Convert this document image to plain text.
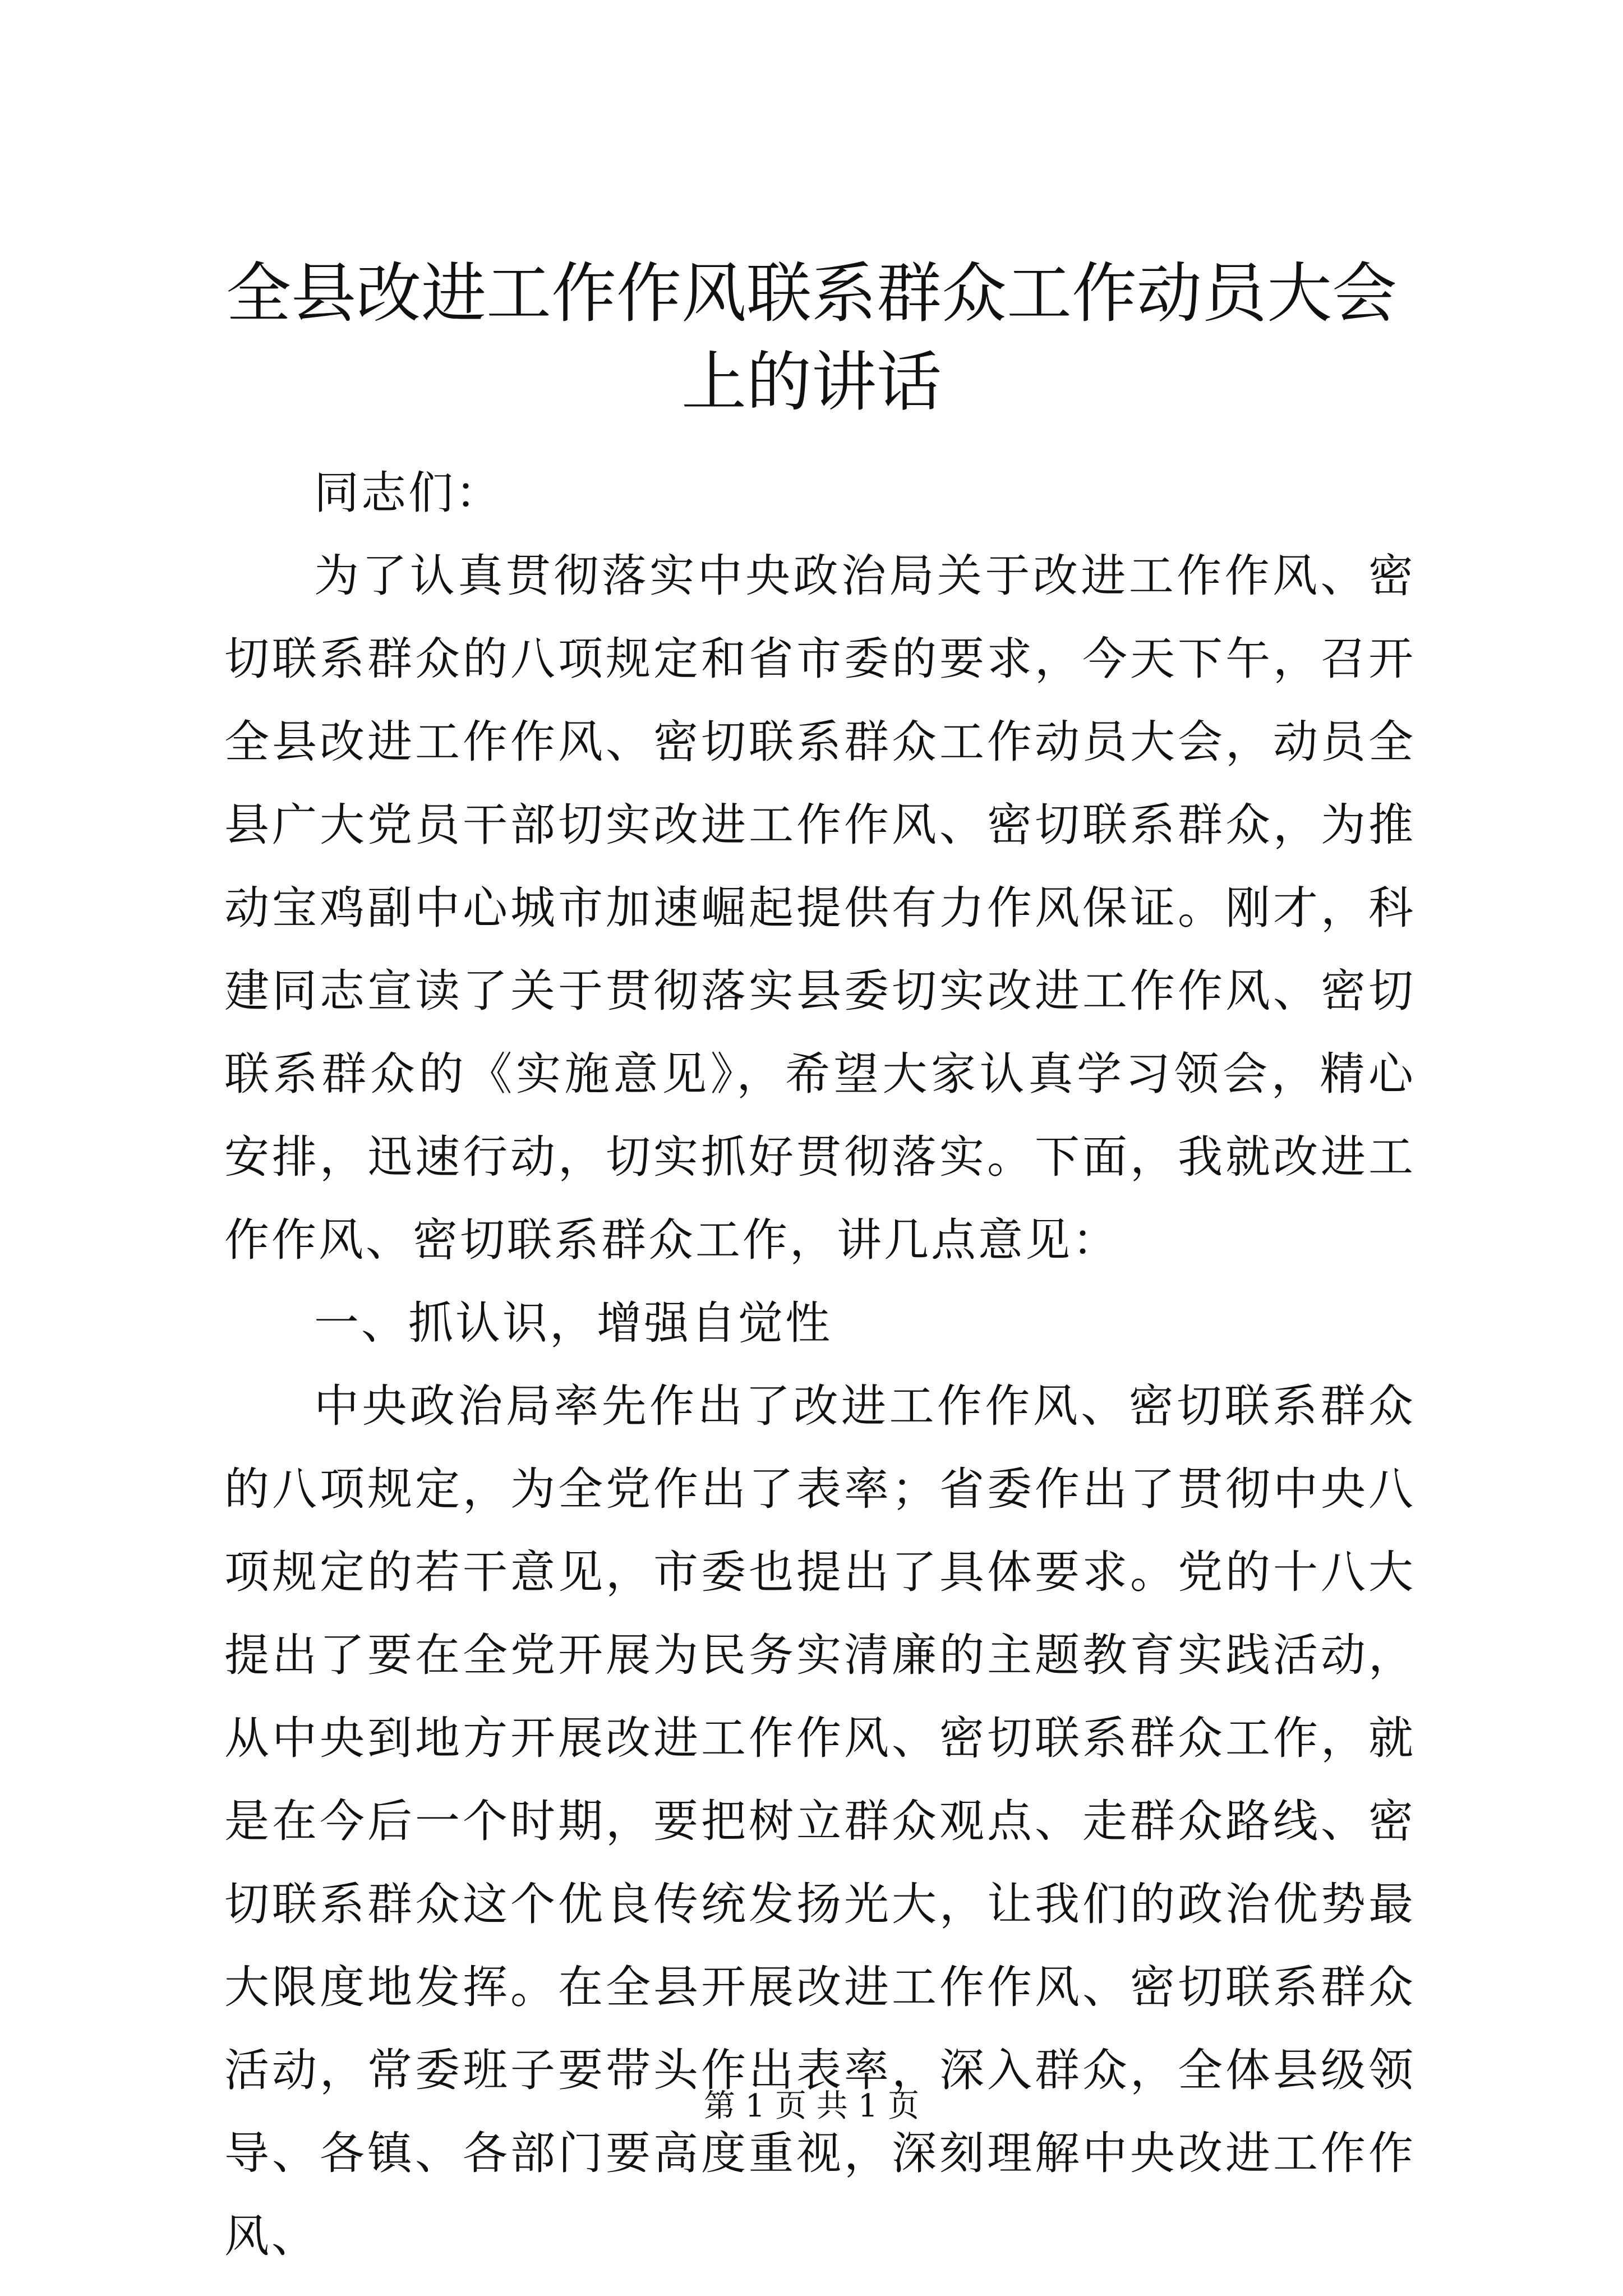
全县改进工作作风联系群众工作动员大会上的讲话

同志们：

为了认真贯彻落实中央政治局关于改进工作作风、密切联系群众的八项规定和省市委的要求，今天下午，召开全县改进工作作风、密切联系群众工作动员大会，动员全县广大党员干部切实改进工作作风、密切联系群众，为推动宝鸡副中心城市加速崛起提供有力作风保证。刚才，科建同志宣读了关于贯彻落实县委切实改进工作作风、密切联系群众的《实施意见》，希望大家认真学习领会，精心安排，迅速行动，切实抓好贯彻落实。下面，我就改进工作作风、密切联系群众工作，讲几点意见：

一、抓认识，增强自觉性

中央政治局率先作出了改进工作作风、密切联系群众的八项规定，为全党作出了表率；省委作出了贯彻中央八项规定的若干意见，市委也提出了具体要求。党的十八大提出了要在全党开展为民务实清廉的主题教育实践活动，从中央到地方开展改进工作作风、密切联系群众工作，就是在今后一个时期，要把树立群众观点、走群众路线、密切联系群众这个优良传统发扬光大，让我们的政治优势最大限度地发挥。在全县开展改进工作作风、密切联系群众活动，常委班子要带头作出表率，深入群众，全体县级领导、各镇、各部门要高度重视，深刻理解中央改进工作作风、

第 1 页 共 1 页
